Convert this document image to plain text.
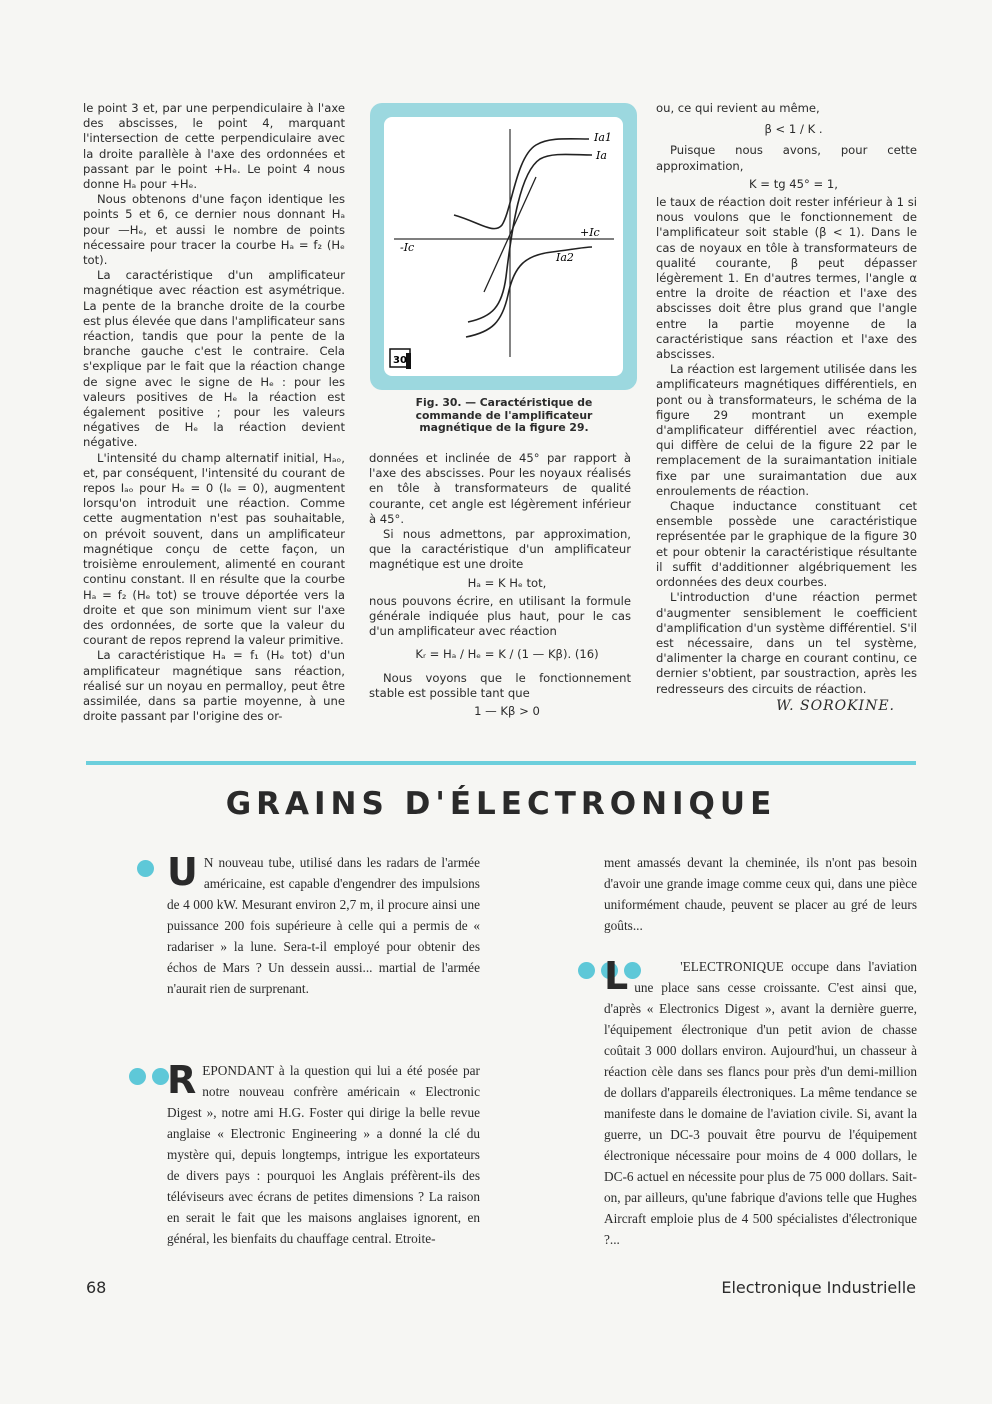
le point 3 et, par une perpendiculaire à l'axe des abscisses, le point 4, marquant l'intersection de cette perpendiculaire avec la droite parallèle à l'axe des ordonnées et passant par le point +Hₑ. Le point 4 nous donne Hₐ pour +Hₑ.

Nous obtenons d'une façon identique les points 5 et 6, ce dernier nous donnant Hₐ pour —Hₑ, et aussi le nombre de points nécessaire pour tracer la courbe Hₐ = f₂ (Hₑ tot).

La caractéristique d'un amplificateur magnétique avec réaction est asymétrique. La pente de la branche droite de la courbe est plus élevée que dans l'amplificateur sans réaction, tandis que pour la pente de la branche gauche c'est le contraire. Cela s'explique par le fait que la réaction change de signe avec le signe de Hₑ : pour les valeurs positives de Hₑ la réaction est également positive ; pour les valeurs négatives de Hₑ la réaction devient négative.

L'intensité du champ alternatif initial, Hₐₒ, et, par conséquent, l'intensité du courant de repos Iₐₒ pour Hₑ = 0 (Iₑ = 0), augmentent lorsqu'on introduit une réaction. Comme cette augmentation n'est pas souhaitable, on prévoit souvent, dans un amplificateur magnétique conçu de cette façon, un troisième enroulement, alimenté en courant continu constant. Il en résulte que la courbe Hₐ = f₂ (Hₑ tot) se trouve déportée vers la droite et que son minimum vient sur l'axe des ordonnées, de sorte que la valeur du courant de repos reprend la valeur primitive.

La caractéristique Hₐ = f₁ (Hₑ tot) d'un amplificateur magnétique sans réaction, réalisé sur un noyau en permalloy, peut être assimilée, dans sa partie moyenne, à une droite passant par l'origine des or-

Ia1
Ia
Ia2
-Ic
+Ic
30
Fig. 30. — Caractéristique de commande de l'amplificateur magnétique de la figure 29.

données et inclinée de 45° par rapport à l'axe des abscisses. Pour les noyaux réalisés en tôle à transformateurs de qualité courante, cet angle est légèrement inférieur à 45°.

Si nous admettons, par approximation, que la caractéristique d'un amplificateur magnétique est une droite

Hₐ = K Hₑ tot,

nous pouvons écrire, en utilisant la formule générale indiquée plus haut, pour le cas d'un amplificateur avec réaction

Kᵣ = Hₐ / Hₑ = K / (1 — Kβ). (16)

Nous voyons que le fonctionnement stable est possible tant que

1 — Kβ > 0

ou, ce qui revient au même,

β < 1 / K .

Puisque nous avons, pour cette approximation,

K = tg 45° = 1,

le taux de réaction doit rester inférieur à 1 si nous voulons que le fonctionnement de l'amplificateur soit stable (β < 1). Dans le cas de noyaux en tôle à transformateurs de qualité courante, β peut dépasser légèrement 1. En d'autres termes, l'angle α entre la droite de réaction et l'axe des abscisses doit être plus grand que l'angle entre la partie moyenne de la caractéristique sans réaction et l'axe des abscisses.

La réaction est largement utilisée dans les amplificateurs magnétiques différentiels, en pont ou à transformateurs, le schéma de la figure 29 montrant un exemple d'amplificateur différentiel avec réaction, qui diffère de celui de la figure 22 par le remplacement de la suraimantation initiale fixe par une suraimantation due aux enroulements de réaction.

Chaque inductance constituant cet ensemble possède une caractéristique représentée par le graphique de la figure 30 et pour obtenir la caractéristique résultante il suffit d'additionner algébriquement les ordonnées des deux courbes.

L'introduction d'une réaction permet d'augmenter sensiblement le coefficient d'amplification d'un système différentiel. S'il est nécessaire, dans un tel système, d'alimenter la charge en courant continu, ce dernier s'obtient, par soustraction, après les redresseurs des circuits de réaction.

W. SOROKINE.
GRAINS D'ÉLECTRONIQUE

U N nouveau tube, utilisé dans les radars de l'armée américaine, est capable d'engendrer des impulsions de 4 000 kW. Mesurant environ 2,7 m, il procure ainsi une puissance 200 fois supérieure à celle qui a permis de « radariser » la lune. Sera-t-il employé pour obtenir des échos de Mars ? Un dessein aussi... martial de l'armée n'aurait rien de surprenant.

REPONDANT à la question qui lui a été posée par notre nouveau confrère américain « Electronic Digest », notre ami H.G. Foster qui dirige la belle revue anglaise « Electronic Engineering » a donné la clé du mystère qui, depuis longtemps, intrigue les exportateurs de divers pays : pourquoi les Anglais préfèrent-ils des téléviseurs avec écrans de petites dimensions ? La raison en serait le fait que les maisons anglaises ignorent, en général, les bienfaits du chauffage central. Etroite-

ment amassés devant la cheminée, ils n'ont pas besoin d'avoir une grande image comme ceux qui, dans une pièce uniformément chaude, peuvent se placer au gré de leurs goûts...

L	'ELECTRONIQUE occupe dans l'aviation une place sans cesse croissante. C'est ainsi que, d'après « Electronics Digest », avant la dernière guerre, l'équipement électronique d'un petit avion de chasse coûtait 3 000 dollars environ. Aujourd'hui, un chasseur à réaction cèle dans ses flancs pour près d'un demi-million de dollars d'appareils électroniques. La même tendance se manifeste dans le domaine de l'aviation civile. Si, avant la guerre, un DC-3 pouvait être pourvu de l'équipement électronique nécessaire pour moins de 4 000 dollars, le DC-6 actuel en nécessite pour plus de 75 000 dollars. Sait-on, par ailleurs, qu'une fabrique d'avions telle que Hughes Aircraft emploie plus de 4 500 spécialistes d'électronique ?...

68	Electronique Industrielle
